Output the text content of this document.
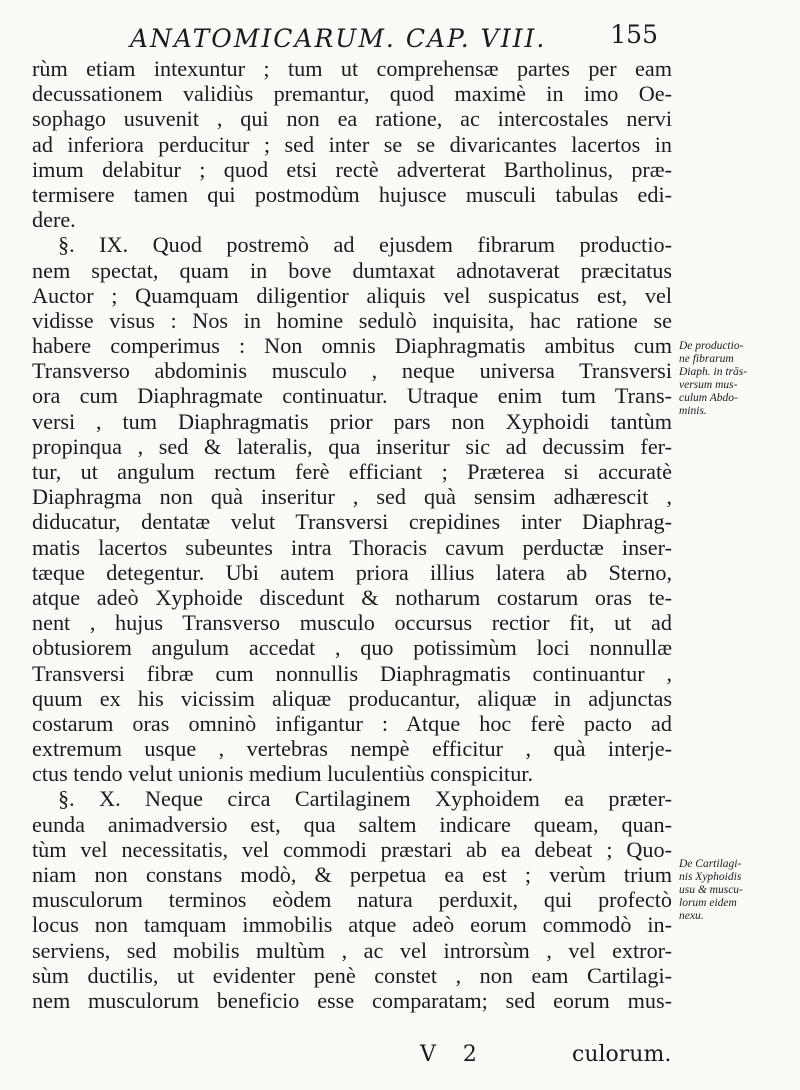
ANATOMICARUM. CAP. VIII.	155
rùm etiam intexuntur ; tum ut comprehensæ partes per eam
decussationem validiùs premantur, quod maximè in imo Oe-
sophago usuvenit , qui non ea ratione, ac intercostales nervi
ad inferiora perducitur ; sed inter se se divaricantes lacertos in
imum delabitur ; quod etsi rectè adverterat Bartholinus, præ-
termisere tamen qui postmodùm hujusce musculi tabulas edi-
dere.
§. IX. Quod postremò ad ejusdem fibrarum productio-
nem spectat, quam in bove dumtaxat adnotaverat præcitatus
Auctor ; Quamquam diligentior aliquis vel suspicatus est, vel
vidisse visus : Nos in homine sedulò inquisita, hac ratione se
habere comperimus : Non omnis Diaphragmatis ambitus cum
Transverso abdominis musculo , neque universa Transversi
ora cum Diaphragmate continuatur. Utraque enim tum Trans-
versi , tum Diaphragmatis prior pars non Xyphoidi tantùm
propinqua , sed & lateralis, qua inseritur sic ad decussim fer-
tur, ut angulum rectum ferè efficiant ; Præterea si accuratè
Diaphragma non quà inseritur , sed quà sensim adhærescit ,
diducatur, dentatæ velut Transversi crepidines inter Diaphrag-
matis lacertos subeuntes intra Thoracis cavum perductæ inser-
tæque detegentur. Ubi autem priora illius latera ab Sterno,
atque adeò Xyphoide discedunt & notharum costarum oras te-
nent , hujus Transverso musculo occursus rectior fit, ut ad
obtusiorem angulum accedat , quo potissimùm loci nonnullæ
Transversi fibræ cum nonnullis Diaphragmatis continuantur ,
quum ex his vicissim aliquæ producantur, aliquæ in adjunctas
costarum oras omninò infigantur : Atque hoc ferè pacto ad
extremum usque , vertebras nempè efficitur , quà interje-
ctus tendo velut unionis medium luculentiùs conspicitur.
§. X. Neque circa Cartilaginem Xyphoidem ea præter-
eunda animadversio est, qua saltem indicare queam, quan-
tùm vel necessitatis, vel commodi præstari ab ea debeat ; Quo-
niam non constans modò, & perpetua ea est ; verùm trium
musculorum terminos eòdem natura perduxit, qui profectò
locus non tamquam immobilis atque adeò eorum commodò in-
serviens, sed mobilis multùm , ac vel introrsùm , vel extror-
sùm ductilis, ut evidenter penè constet , non eam Cartilagi-
nem musculorum beneficio esse comparatam; sed eorum mus-
De productio-
ne fibrarum
Diaph. in trās-
versum mus-
culum Abdo-
minis.
De Cartilagi-
nis Xyphoidis
usu & muscu-
lorum eidem
nexu.
V 2	culorum.
